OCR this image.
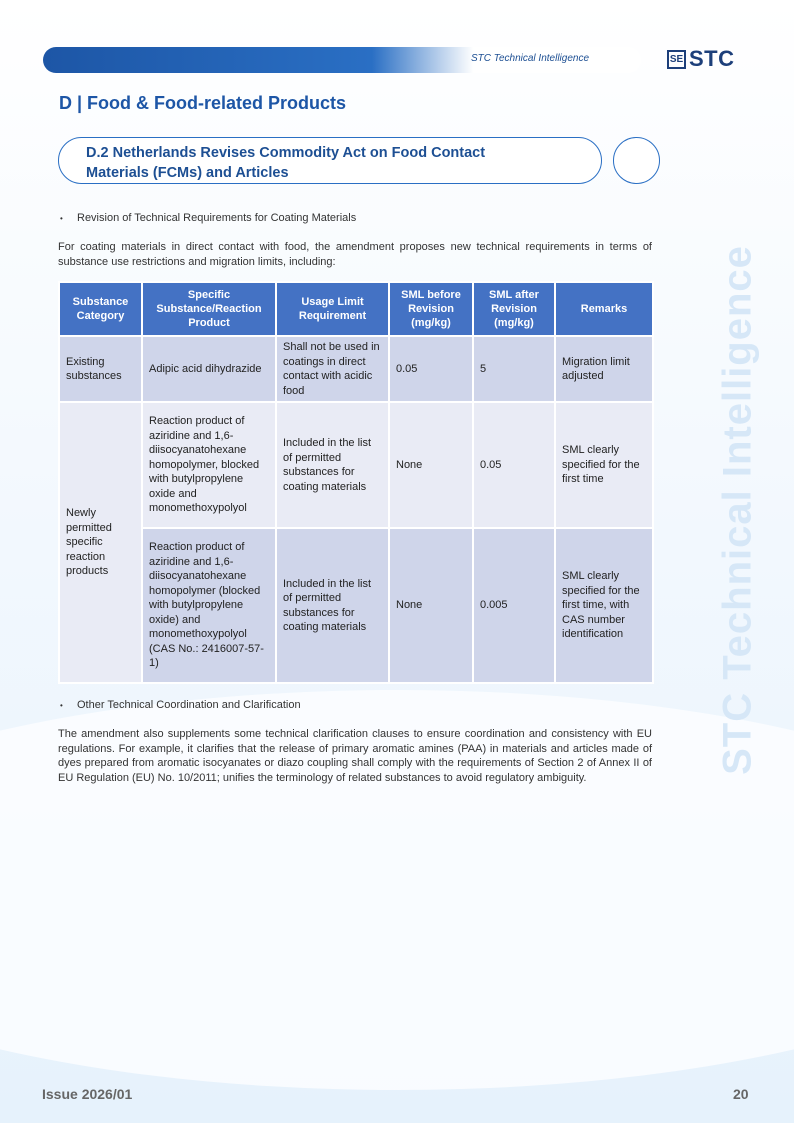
STC Technical Intelligence	SE STC
D | Food & Food-related Products
D.2 Netherlands Revises Commodity Act on Food Contact
Materials (FCMs) and Articles
STC Technical Intelligence
• Revision of Technical Requirements for Coating Materials

For coating materials in direct contact with food, the amendment proposes new technical requirements in terms of substance use restrictions and migration limits, including:

Substance Category	Specific Substance/Reaction Product	Usage Limit Requirement	SML before Revision (mg/kg)	SML after Revision (mg/kg)	Remarks
Existing substances	Adipic acid dihydrazide	Shall not be used in coatings in direct contact with acidic food	0.05	5	Migration limit adjusted
Newly permitted specific reaction products	Reaction product of aziridine and 1,6-diisocyanatohexane homopolymer, blocked with butylpropylene oxide and monomethoxypolyol	Included in the list of permitted substances for coating materials	None	0.05	SML clearly specified for the first time
	Reaction product of aziridine and 1,6-diisocyanatohexane homopolymer (blocked with butylpropylene oxide) and monomethoxypolyol (CAS No.: 2416007-57-1)	Included in the list of permitted substances for coating materials	None	0.005	SML clearly specified for the first time, with CAS number identification
• Other Technical Coordination and Clarification

The amendment also supplements some technical clarification clauses to ensure coordination and consistency with EU regulations. For example, it clarifies that the release of primary aromatic amines (PAA) in materials and articles made of dyes prepared from aromatic isocyanates or diazo coupling shall comply with the requirements of Section 2 of Annex II of EU Regulation (EU) No. 10/2011; unifies the terminology of related substances to avoid regulatory ambiguity.

Issue 2026/01	20
